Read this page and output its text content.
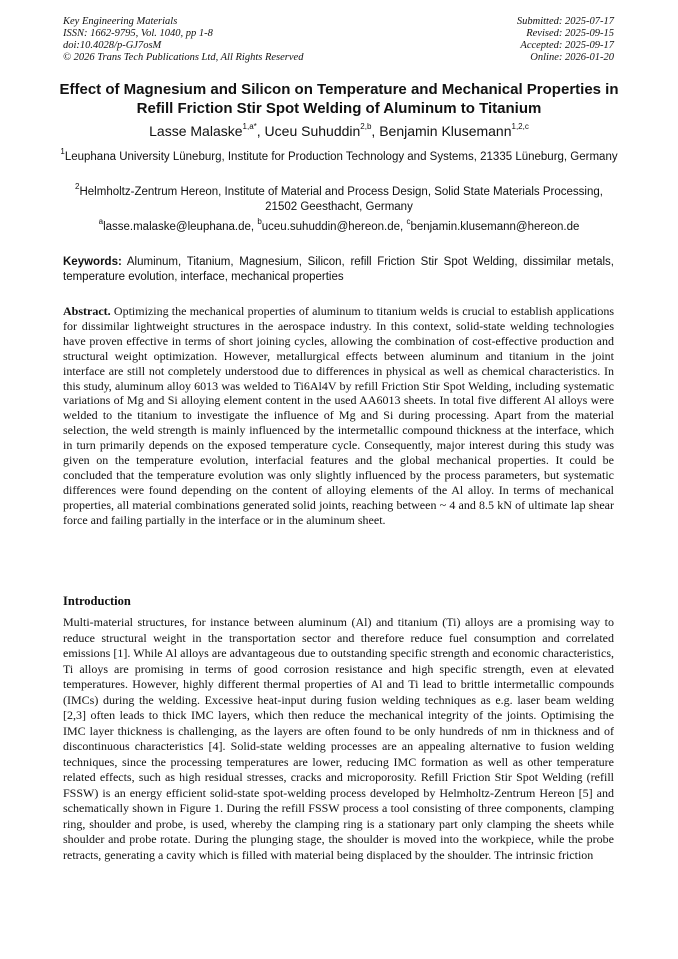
Key Engineering Materials
ISSN: 1662-9795, Vol. 1040, pp 1-8
doi:10.4028/p-GJ7osM
© 2026 Trans Tech Publications Ltd, All Rights Reserved
Submitted: 2025-07-17
Revised: 2025-09-15
Accepted: 2025-09-17
Online: 2026-01-20
Effect of Magnesium and Silicon on Temperature and Mechanical Properties in Refill Friction Stir Spot Welding of Aluminum to Titanium
Lasse Malaske$^{1,a*}$, Uceu Suhuddin$^{2,b}$, Benjamin Klusemann$^{1,2,c}$
$^1$Leuphana University Lüneburg, Institute for Production Technology and Systems, 21335 Lüneburg, Germany
$^2$Helmholtz-Zentrum Hereon, Institute of Material and Process Design, Solid State Materials Processing, 21502 Geesthacht, Germany
$^a$lasse.malaske@leuphana.de, $^b$uceu.suhuddin@hereon.de, $^c$benjamin.klusemann@hereon.de
Keywords: Aluminum, Titanium, Magnesium, Silicon, refill Friction Stir Spot Welding, dissimilar metals, temperature evolution, interface, mechanical properties
Abstract. Optimizing the mechanical properties of aluminum to titanium welds is crucial to establish applications for dissimilar lightweight structures in the aerospace industry. In this context, solid-state welding technologies have proven effective in terms of short joining cycles, allowing the combination of cost-effective production and structural weight optimization. However, metallurgical effects between aluminum and titanium in the joint interface are still not completely understood due to differences in physical as well as chemical characteristics. In this study, aluminum alloy 6013 was welded to Ti6Al4V by refill Friction Stir Spot Welding, including systematic variations of Mg and Si alloying element content in the used AA6013 sheets. In total five different Al alloys were welded to the titanium to investigate the influence of Mg and Si during processing. Apart from the material selection, the weld strength is mainly influenced by the intermetallic compound thickness at the interface, which in turn primarily depends on the exposed temperature cycle. Consequently, major interest during this study was given on the temperature evolution, interfacial features and the global mechanical properties. It could be concluded that the temperature evolution was only slightly influenced by the process parameters, but systematic differences were found depending on the content of alloying elements of the Al alloy. In terms of mechanical properties, all material combinations generated solid joints, reaching between ~ 4 and 8.5 kN of ultimate lap shear force and failing partially in the interface or in the aluminum sheet.
Introduction
Multi-material structures, for instance between aluminum (Al) and titanium (Ti) alloys are a promising way to reduce structural weight in the transportation sector and therefore reduce fuel consumption and correlated emissions [1]. While Al alloys are advantageous due to outstanding specific strength and economic characteristics, Ti alloys are promising in terms of good corrosion resistance and high specific strength, even at elevated temperatures. However, highly different thermal properties of Al and Ti lead to brittle intermetallic compounds (IMCs) during the welding. Excessive heat-input during fusion welding techniques as e.g. laser beam welding [2,3] often leads to thick IMC layers, which then reduce the mechanical integrity of the joints. Optimising the IMC layer thickness is challenging, as the layers are often found to be only hundreds of nm in thickness and of discontinuous characteristics [4]. Solid-state welding processes are an appealing alternative to fusion welding techniques, since the processing temperatures are lower, reducing IMC formation as well as other temperature related effects, such as high residual stresses, cracks and microporosity. Refill Friction Stir Spot Welding (refill FSSW) is an energy efficient solid-state spot-welding process developed by Helmholtz-Zentrum Hereon [5] and schematically shown in Figure 1. During the refill FSSW process a tool consisting of three components, clamping ring, shoulder and probe, is used, whereby the clamping ring is a stationary part only clamping the sheets while shoulder and probe rotate. During the plunging stage, the shoulder is moved into the workpiece, while the probe retracts, generating a cavity which is filled with material being displaced by the shoulder. The intrinsic friction
